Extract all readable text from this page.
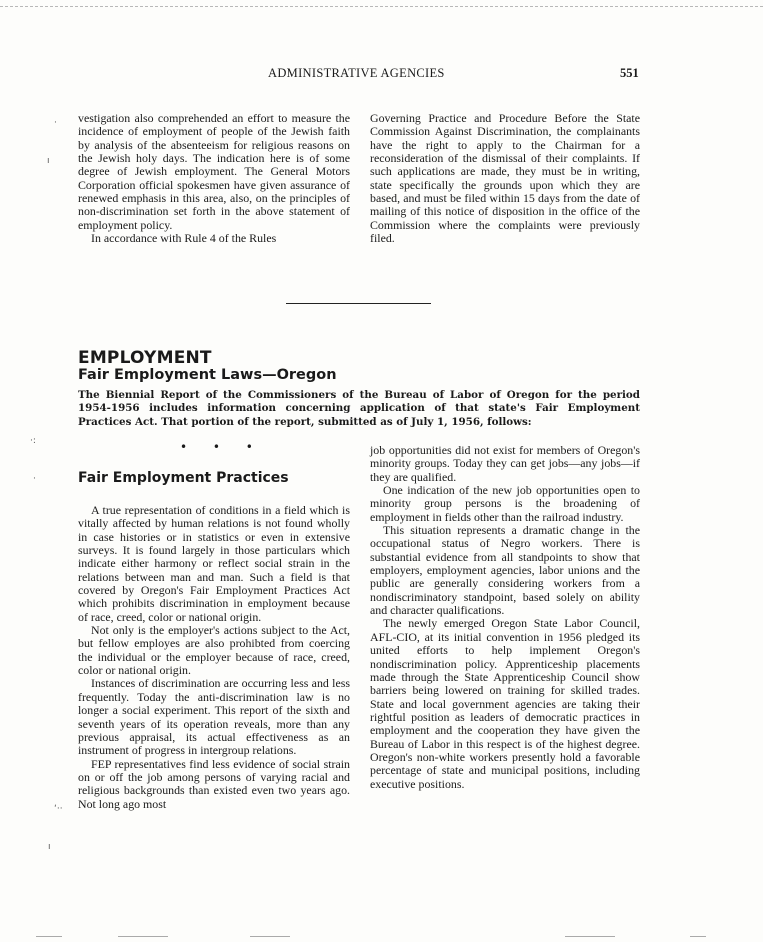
ADMINISTRATIVE AGENCIES	551
·
ı
·:
·
‘··
ı

vestigation also comprehended an effort to measure the incidence of employment of people of the Jewish faith by analysis of the absenteeism for religious reasons on the Jewish holy days. The indication here is of some degree of Jewish employment. The General Motors Corporation official spokesmen have given assurance of renewed emphasis in this area, also, on the principles of non-discrimination set forth in the above statement of employment policy.

In accordance with Rule 4 of the Rules

Governing Practice and Procedure Before the State Commission Against Discrimination, the complainants have the right to apply to the Chairman for a reconsideration of the dismissal of their complaints. If such applications are made, they must be in writing, state specifically the grounds upon which they are based, and must be filed within 15 days from the date of mailing of this notice of disposition in the office of the Commission where the complaints were previously filed.

EMPLOYMENT
Fair Employment Laws—Oregon
The Biennial Report of the Commissioners of the Bureau of Labor of Oregon for the period 1954-1956 includes information concerning application of that state's Fair Employment Practices Act. That portion of the report, submitted as of July 1, 1956, follows:
• • •
Fair Employment Practices

A true representation of conditions in a field which is vitally affected by human relations is not found wholly in case histories or in statistics or even in extensive surveys. It is found largely in those particulars which indicate either harmony or reflect social strain in the relations between man and man. Such a field is that covered by Oregon's Fair Employment Practices Act which prohibits discrimination in employment because of race, creed, color or national origin.

Not only is the employer's actions subject to the Act, but fellow employes are also prohibted from coercing the individual or the employer because of race, creed, color or national origin.

Instances of discrimination are occurring less and less frequently. Today the anti-discrimination law is no longer a social experiment. This report of the sixth and seventh years of its operation reveals, more than any previous appraisal, its actual effectiveness as an instrument of progress in intergroup relations.

FEP representatives find less evidence of social strain on or off the job among persons of varying racial and religious backgrounds than existed even two years ago. Not long ago most

job opportunities did not exist for members of Oregon's minority groups. Today they can get jobs—any jobs—if they are qualified.

One indication of the new job opportunities open to minority group persons is the broadening of employment in fields other than the railroad industry.

This situation represents a dramatic change in the occupational status of Negro workers. There is substantial evidence from all standpoints to show that employers, employment agencies, labor unions and the public are generally considering workers from a nondiscriminatory standpoint, based solely on ability and character qualifications.

The newly emerged Oregon State Labor Council, AFL-CIO, at its initial convention in 1956 pledged its united efforts to help implement Oregon's nondiscrimination policy. Apprenticeship placements made through the State Apprenticeship Council show barriers being lowered on training for skilled trades. State and local government agencies are taking their rightful position as leaders of democratic practices in employment and the cooperation they have given the Bureau of Labor in this respect is of the highest degree. Oregon's non-white workers presently hold a favorable percentage of state and municipal positions, including executive positions.
